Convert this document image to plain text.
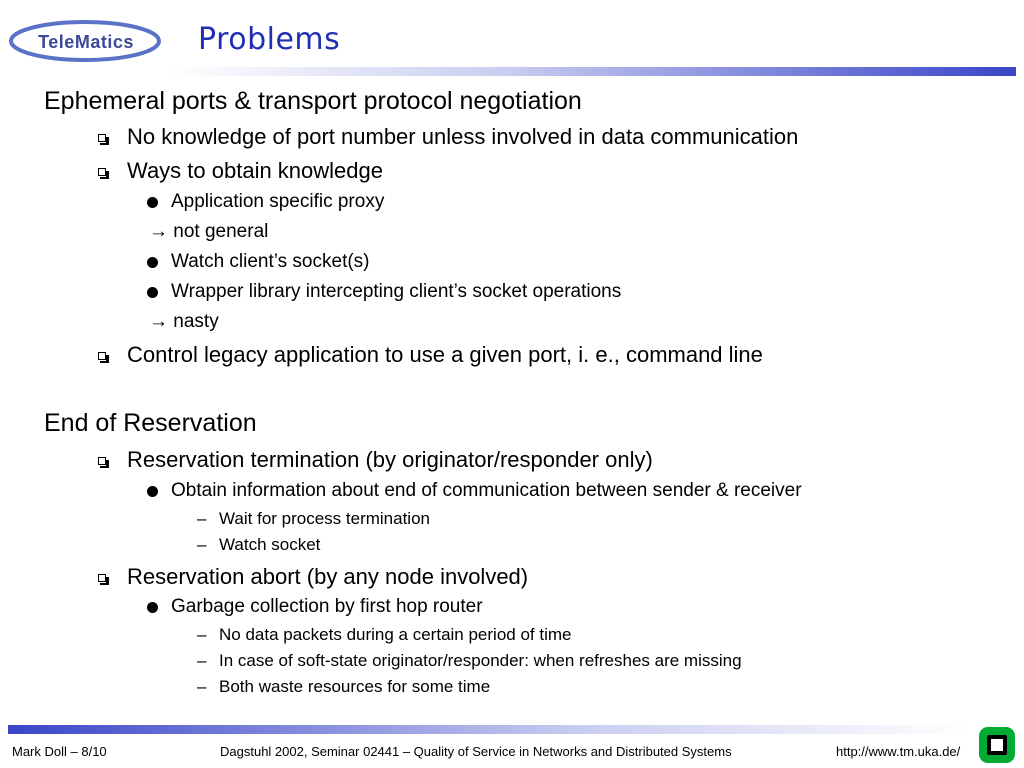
TeleMatics Problems
Ephemeral ports & transport protocol negotiation
No knowledge of port number unless involved in data communication
Ways to obtain knowledge
Application specific proxy
→ not general
Watch client’s socket(s)
Wrapper library intercepting client’s socket operations
→ nasty
Control legacy application to use a given port, i. e., command line
End of Reservation
Reservation termination (by originator/responder only)
Obtain information about end of communication between sender & receiver
– Wait for process termination
– Watch socket
Reservation abort (by any node involved)
Garbage collection by first hop router
– No data packets during a certain period of time
– In case of soft-state originator/responder: when refreshes are missing
– Both waste resources for some time
Mark Doll – 8/10	Dagstuhl 2002, Seminar 02441 – Quality of Service in Networks and Distributed Systems	http://www.tm.uka.de/
